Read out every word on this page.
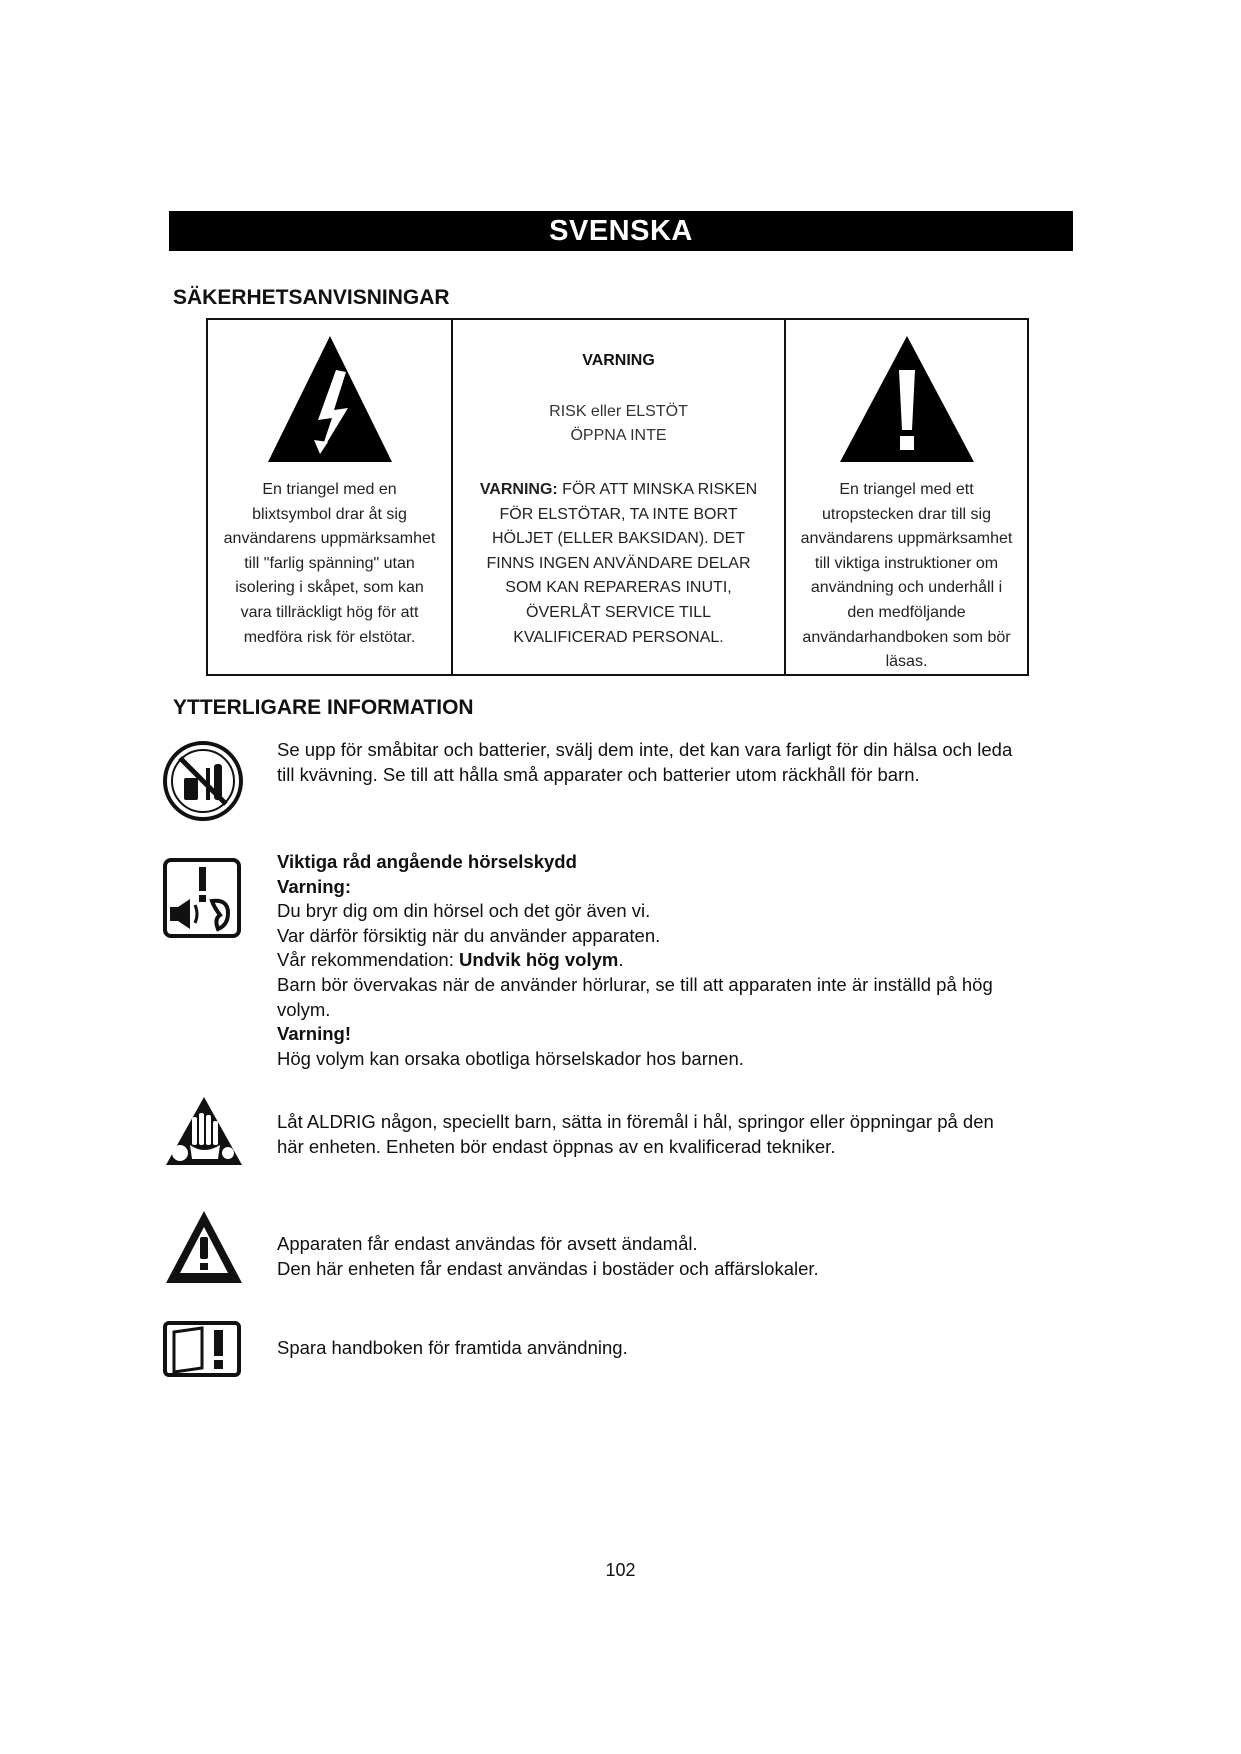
SVENSKA
SÄKERHETSANVISNINGAR
En triangel med en
blixtsymbol drar åt sig
användarens uppmärksamhet
till "farlig spänning" utan
isolering i skåpet, som kan
vara tillräckligt hög för att
medföra risk för elstötar.
VARNING
RISK eller ELSTÖT
ÖPPNA INTE
VARNING: FÖR ATT MINSKA RISKEN
FÖR ELSTÖTAR, TA INTE BORT
HÖLJET (ELLER BAKSIDAN). DET
FINNS INGEN ANVÄNDARE DELAR
SOM KAN REPARERAS INUTI,
ÖVERLÅT SERVICE TILL
KVALIFICERAD PERSONAL.
En triangel med ett
utropstecken drar till sig
användarens uppmärksamhet
till viktiga instruktioner om
användning och underhåll i
den medföljande
användarhandboken som bör
läsas.
YTTERLIGARE INFORMATION
Se upp för småbitar och batterier, svälj dem inte, det kan vara farligt för din hälsa och leda
till kvävning. Se till att hålla små apparater och batterier utom räckhåll för barn.
Viktiga råd angående hörselskydd
Varning:
Du bryr dig om din hörsel och det gör även vi.
Var därför försiktig när du använder apparaten.
Vår rekommendation: Undvik hög volym.
Barn bör övervakas när de använder hörlurar, se till att apparaten inte är inställd på hög
volym.
Varning!
Hög volym kan orsaka obotliga hörselskador hos barnen.
Låt ALDRIG någon, speciellt barn, sätta in föremål i hål, springor eller öppningar på den
här enheten. Enheten bör endast öppnas av en kvalificerad tekniker.
Apparaten får endast användas för avsett ändamål.
Den här enheten får endast användas i bostäder och affärslokaler.
Spara handboken för framtida användning.
102
